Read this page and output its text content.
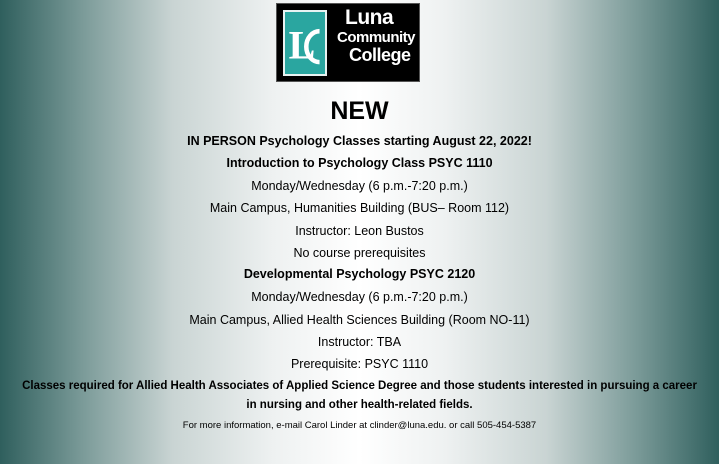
L
Luna
Community
College
NEW
IN PERSON Psychology Classes starting August 22, 2022!
Introduction to Psychology Class PSYC 1110
Monday/Wednesday (6 p.m.-7:20 p.m.)
Main Campus, Humanities Building (BUS– Room 112)
Instructor: Leon Bustos
No course prerequisites
Developmental Psychology PSYC 2120
Monday/Wednesday (6 p.m.-7:20 p.m.)
Main Campus, Allied Health Sciences Building (Room NO-11)
Instructor: TBA
Prerequisite: PSYC 1110
Classes required for Allied Health Associates of Applied Science Degree and those students interested in pursuing a career
in nursing and other health-related fields.
For more information, e-mail Carol Linder at clinder@luna.edu. or call 505-454-5387
